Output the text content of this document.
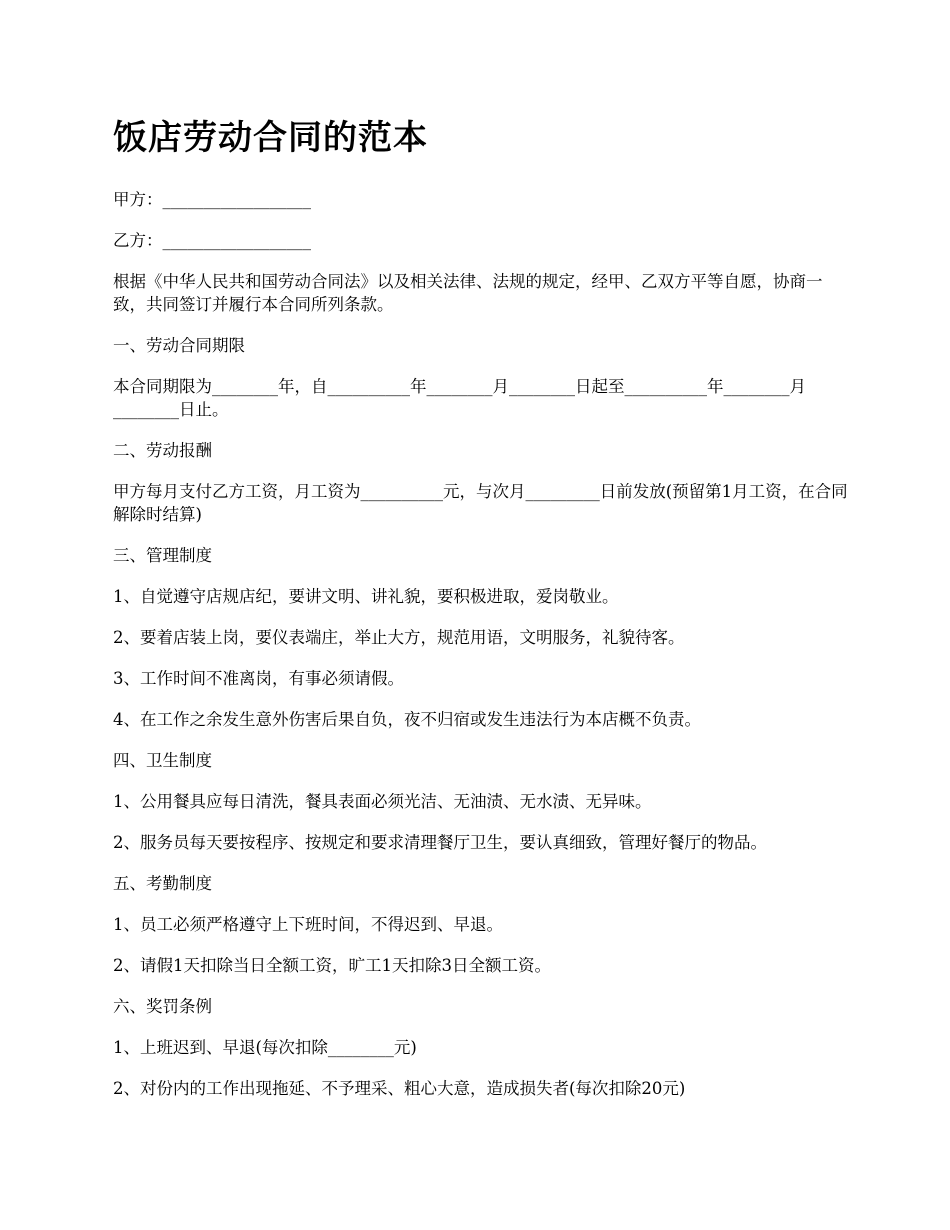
饭店劳动合同的范本

甲方：__________________

乙方：__________________

根据《中华人民共和国劳动合同法》以及相关法律、法规的规定，经甲、乙双方平等自愿，协商一致，共同签订并履行本合同所列条款。

一、劳动合同期限

本合同期限为________年，自__________年________月________日起至__________年________月________日止。

二、劳动报酬

甲方每月支付乙方工资，月工资为__________元，与次月_________日前发放(预留第1月工资，在合同解除时结算)

三、管理制度

1、自觉遵守店规店纪，要讲文明、讲礼貌，要积极进取，爱岗敬业。

2、要着店装上岗，要仪表端庄，举止大方，规范用语，文明服务，礼貌待客。

3、工作时间不准离岗，有事必须请假。

4、在工作之余发生意外伤害后果自负，夜不归宿或发生违法行为本店概不负责。

四、卫生制度

1、公用餐具应每日清洗，餐具表面必须光洁、无油渍、无水渍、无异味。

2、服务员每天要按程序、按规定和要求清理餐厅卫生，要认真细致，管理好餐厅的物品。

五、考勤制度

1、员工必须严格遵守上下班时间，不得迟到、早退。

2、请假1天扣除当日全额工资，旷工1天扣除3日全额工资。

六、奖罚条例

1、上班迟到、早退(每次扣除________元)

2、对份内的工作出现拖延、不予理采、粗心大意，造成损失者(每次扣除20元)
